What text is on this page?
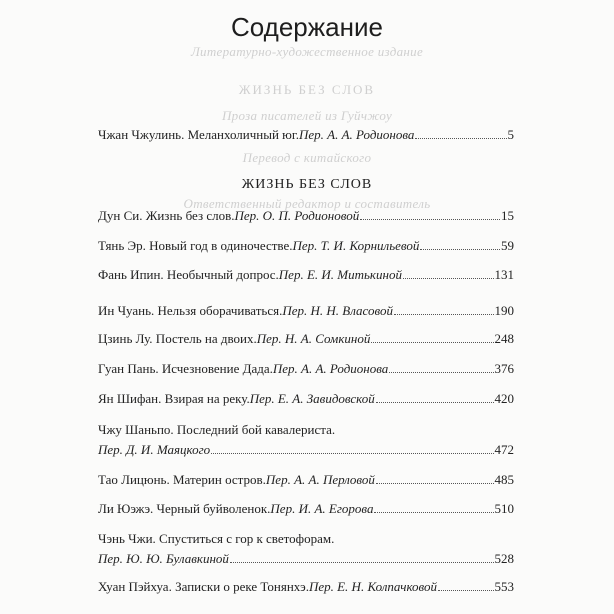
Литературно-художественное издание
ЖИЗНЬ БЕЗ СЛОВ
Проза писателей из Гуйчжоу
Перевод с китайского
Ответственный редактор и составитель
Содержание
Чжан Чжулинь. Меланхоличный юг. Пер. А. А. Родионова	5
ЖИЗНЬ БЕЗ СЛОВ
Дун Си. Жизнь без слов. Пер. О. П. Родионовой	15
Тянь Эр. Новый год в одиночестве. Пер. Т. И. Корнильевой	59
Фань Ипин. Необычный допрос. Пер. Е. И. Митькиной	131
Ин Чуань. Нельзя оборачиваться. Пер. Н. Н. Власовой	190
Цзинь Лу. Постель на двоих. Пер. Н. А. Сомкиной	248
Гуан Пань. Исчезновение Дада. Пер. А. А. Родионова	376
Ян Шифан. Взирая на реку. Пер. Е. А. Завидовской	420
Чжу Шаньпо. Последний бой кавалериста.
Пер. Д. И. Маяцкого	472
Тао Лицюнь. Материн остров. Пер. А. А. Перловой	485
Ли Юэжэ. Черный буйволенок. Пер. И. А. Егорова	510
Чэнь Чжи. Спуститься с гор к светофорам.
Пер. Ю. Ю. Булавкиной	528
Хуан Пэйхуа. Записки о реке Тонянхэ. Пер. Е. Н. Колпачковой	553
